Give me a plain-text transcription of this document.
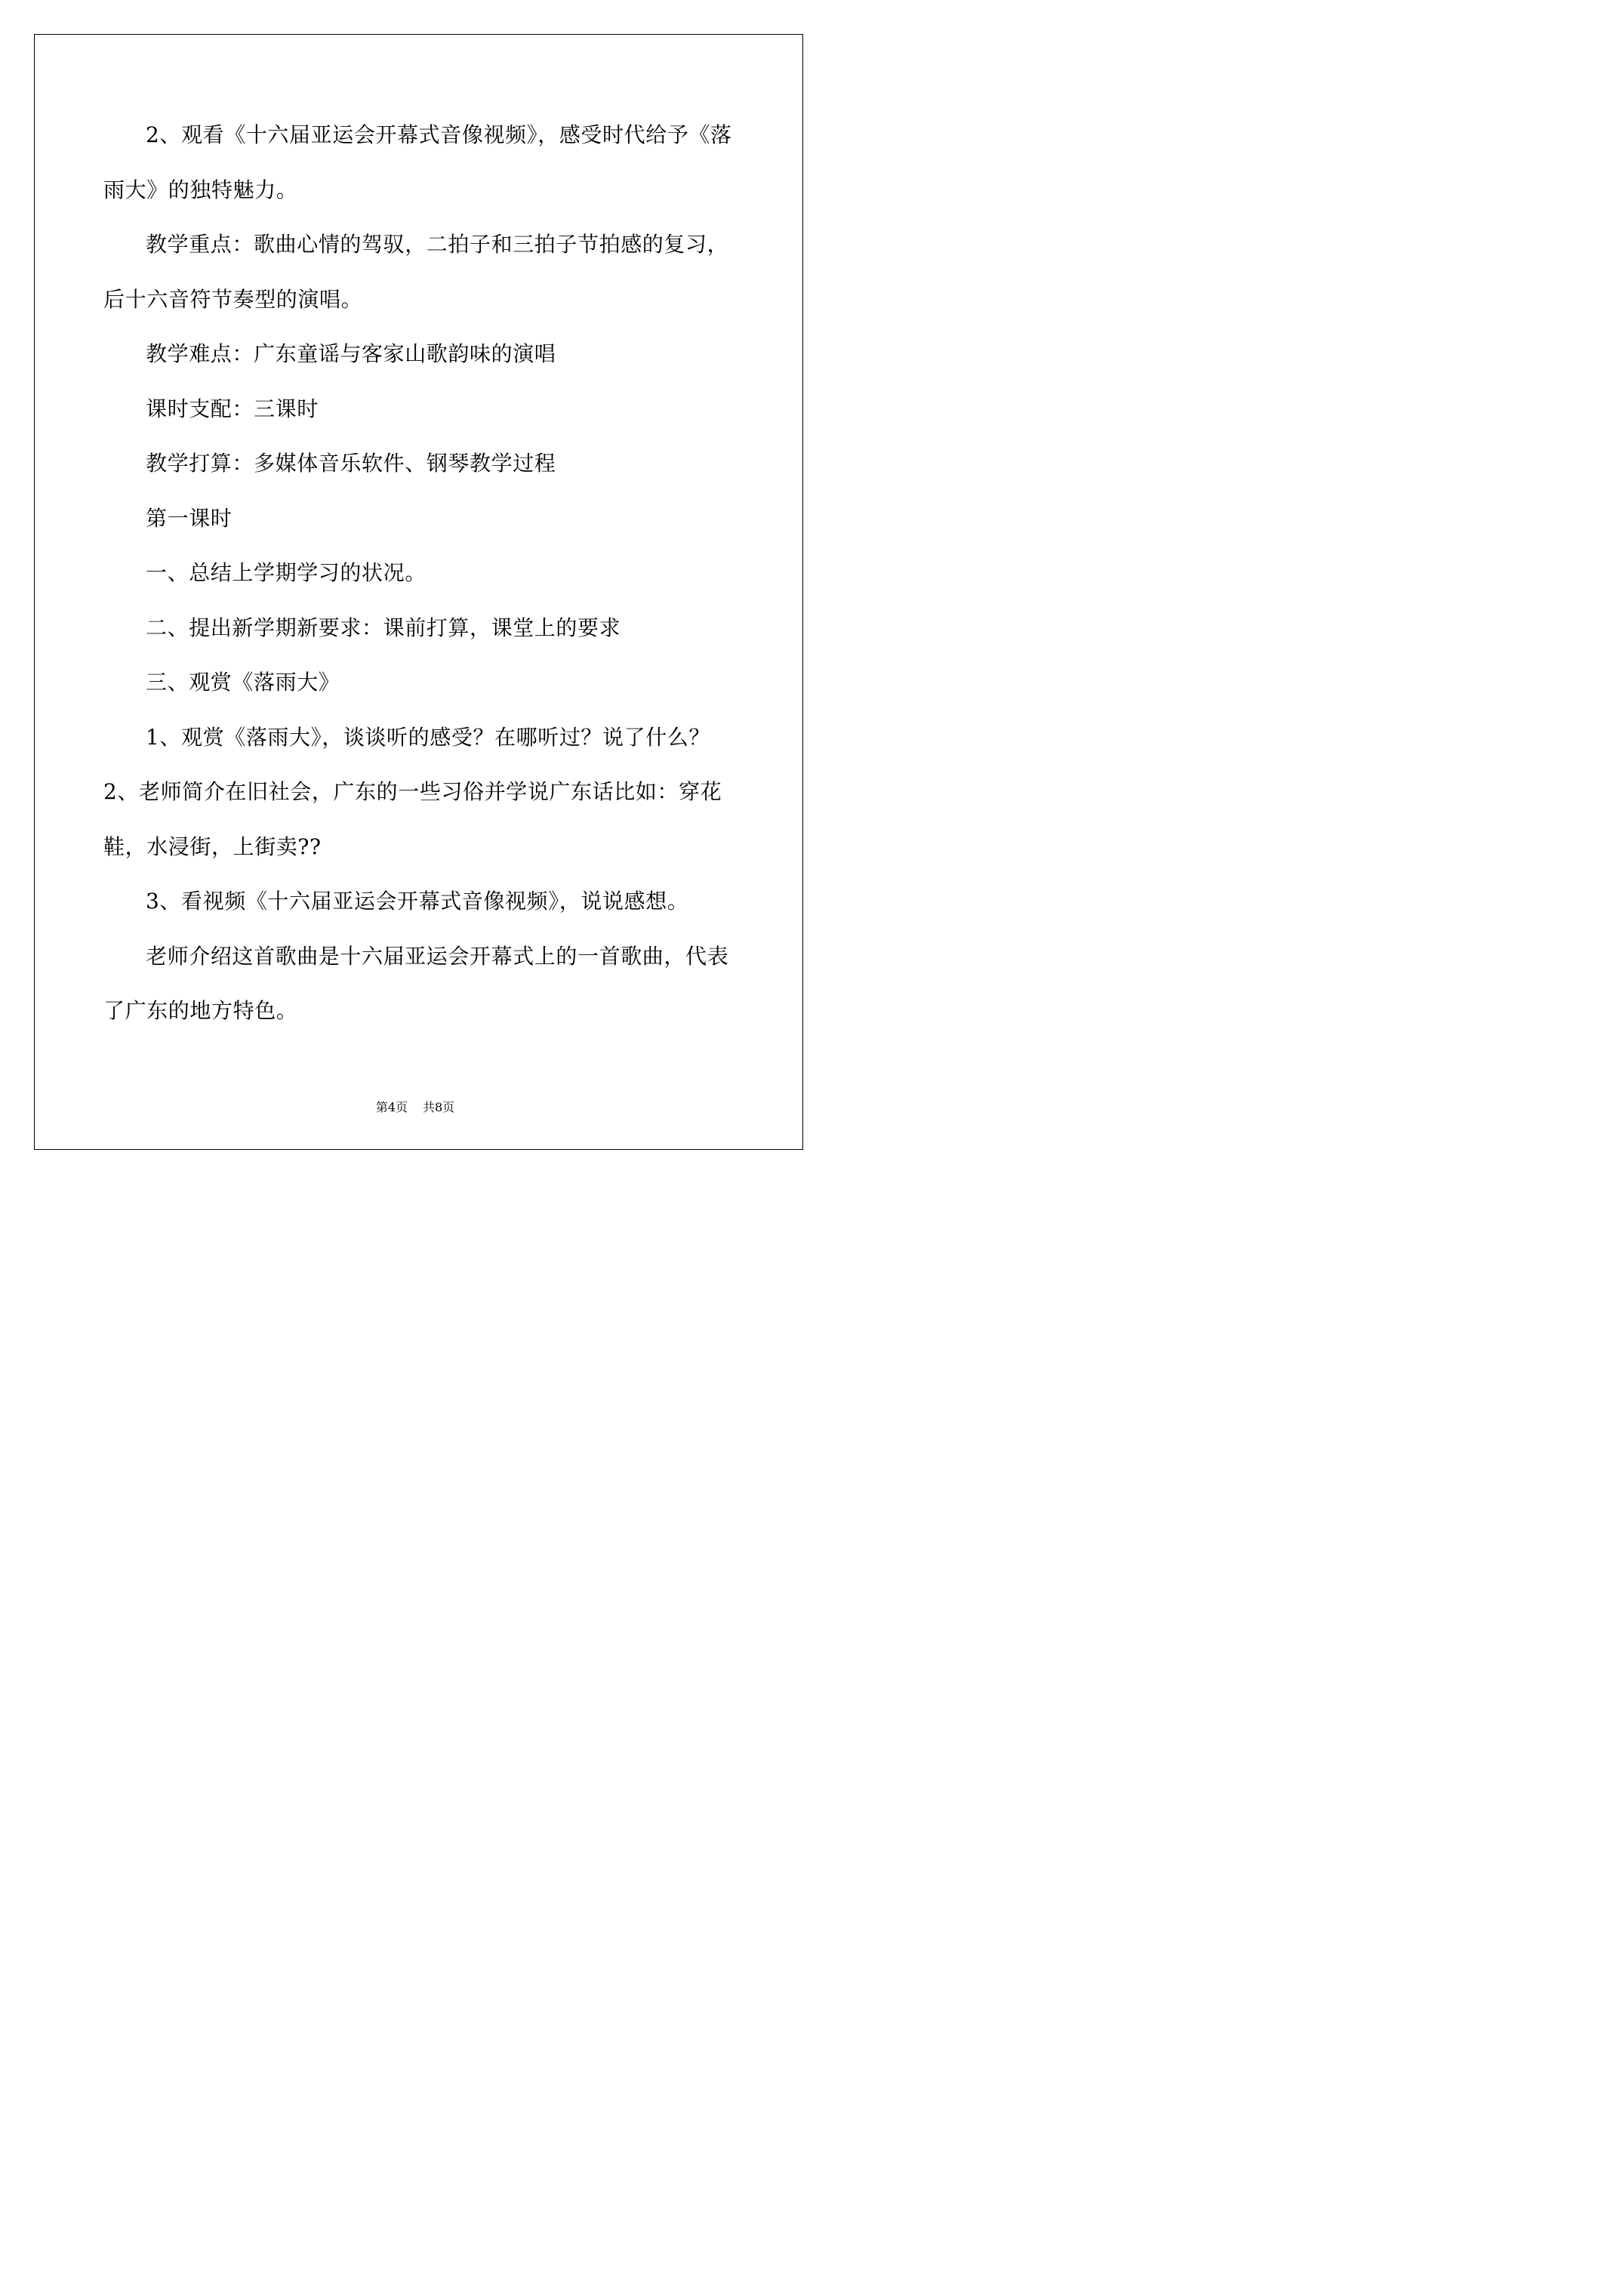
2、观看《十六届亚运会开幕式音像视频》，感受时代给予《落雨大》的独特魅力。

教学重点：歌曲心情的驾驭，二拍子和三拍子节拍感的复习，后十六音符节奏型的演唱。

教学难点：广东童谣与客家山歌韵味的演唱

课时支配：三课时

教学打算：多媒体音乐软件、钢琴教学过程

第一课时

一、总结上学期学习的状况。

二、提出新学期新要求：课前打算，课堂上的要求

三、观赏《落雨大》

1、观赏《落雨大》，谈谈听的感受？在哪听过？说了什么？2、老师简介在旧社会，广东的一些习俗并学说广东话比如：穿花鞋，水浸街，上街卖??

3、看视频《十六届亚运会开幕式音像视频》，说说感想。

老师介绍这首歌曲是十六届亚运会开幕式上的一首歌曲，代表了广东的地方特色。

第4页 共8页
